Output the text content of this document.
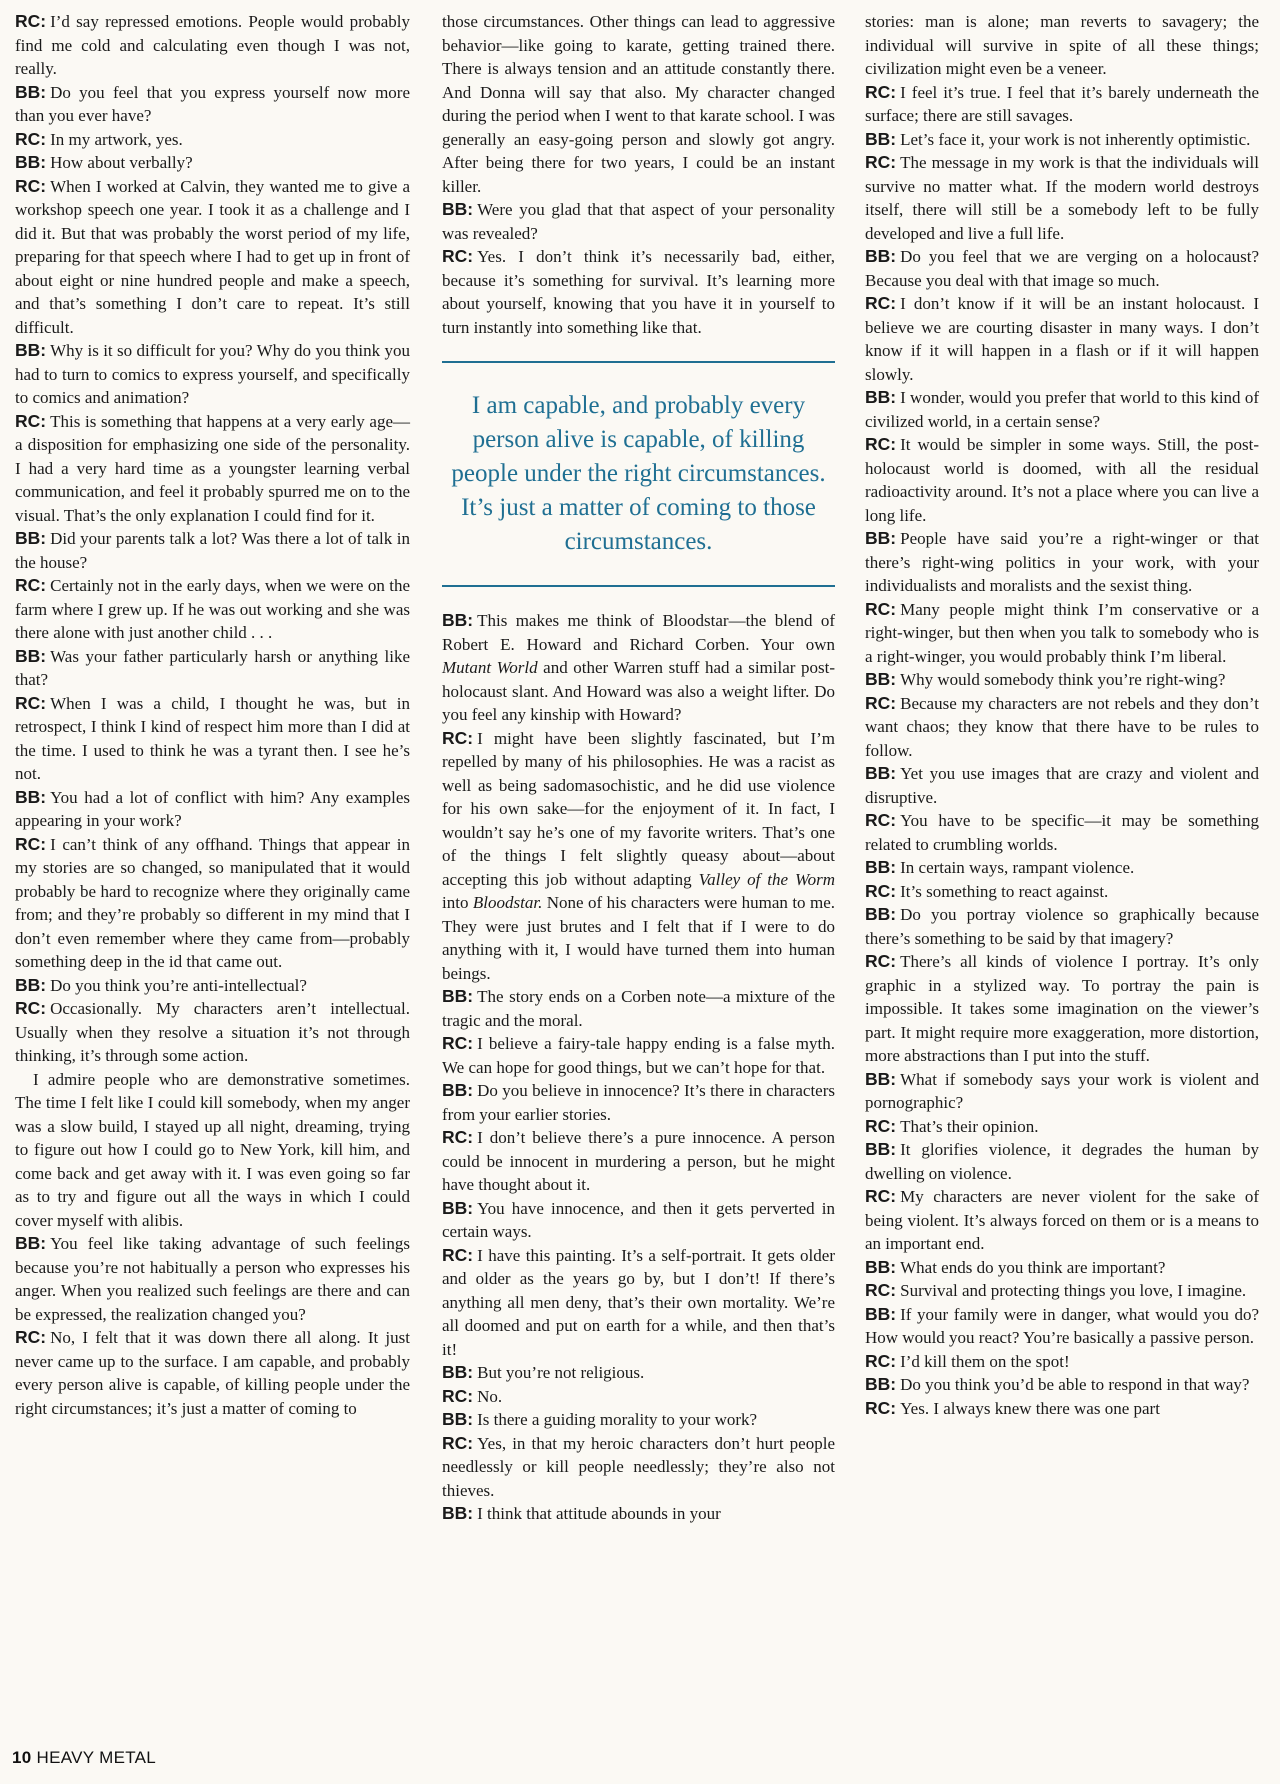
RC: I’d say repressed emotions. People would probably find me cold and calculating even though I was not, really.

BB: Do you feel that you express yourself now more than you ever have?

RC: In my artwork, yes.

BB: How about verbally?

RC: When I worked at Calvin, they wanted me to give a workshop speech one year. I took it as a challenge and I did it. But that was probably the worst period of my life, preparing for that speech where I had to get up in front of about eight or nine hundred people and make a speech, and that’s something I don’t care to repeat. It’s still difficult.

BB: Why is it so difficult for you? Why do you think you had to turn to comics to express yourself, and specifically to comics and animation?

RC: This is something that happens at a very early age—a disposition for emphasizing one side of the personality. I had a very hard time as a youngster learning verbal communication, and feel it probably spurred me on to the visual. That’s the only explanation I could find for it.

BB: Did your parents talk a lot? Was there a lot of talk in the house?

RC: Certainly not in the early days, when we were on the farm where I grew up. If he was out working and she was there alone with just another child . . .

BB: Was your father particularly harsh or anything like that?

RC: When I was a child, I thought he was, but in retrospect, I think I kind of respect him more than I did at the time. I used to think he was a tyrant then. I see he’s not.

BB: You had a lot of conflict with him? Any examples appearing in your work?

RC: I can’t think of any offhand. Things that appear in my stories are so changed, so manipulated that it would probably be hard to recognize where they originally came from; and they’re probably so different in my mind that I don’t even remember where they came from—probably something deep in the id that came out.

BB: Do you think you’re anti-intellectual?

RC: Occasionally. My characters aren’t intellectual. Usually when they resolve a situation it’s not through thinking, it’s through some action.

I admire people who are demonstrative sometimes. The time I felt like I could kill somebody, when my anger was a slow build, I stayed up all night, dreaming, trying to figure out how I could go to New York, kill him, and come back and get away with it. I was even going so far as to try and figure out all the ways in which I could cover myself with alibis.

BB: You feel like taking advantage of such feelings because you’re not habitually a person who expresses his anger. When you realized such feelings are there and can be expressed, the realization changed you?

RC: No, I felt that it was down there all along. It just never came up to the surface. I am capable, and probably every person alive is capable, of killing people under the right circumstances; it’s just a matter of coming to

those circumstances. Other things can lead to aggressive behavior—like going to karate, getting trained there. There is always tension and an attitude constantly there. And Donna will say that also. My character changed during the period when I went to that karate school. I was generally an easy-going person and slowly got angry. After being there for two years, I could be an instant killer.

BB: Were you glad that that aspect of your personality was revealed?

RC: Yes. I don’t think it’s necessarily bad, either, because it’s something for survival. It’s learning more about yourself, knowing that you have it in yourself to turn instantly into something like that.

I am capable, and probably every person alive is capable, of killing people under the right circumstances. It’s just a matter of coming to those circumstances.

BB: This makes me think of Bloodstar—the blend of Robert E. Howard and Richard Corben. Your own Mutant World and other Warren stuff had a similar post-holocaust slant. And Howard was also a weight lifter. Do you feel any kinship with Howard?

RC: I might have been slightly fascinated, but I’m repelled by many of his philosophies. He was a racist as well as being sadomasochistic, and he did use violence for his own sake—for the enjoyment of it. In fact, I wouldn’t say he’s one of my favorite writers. That’s one of the things I felt slightly queasy about—about accepting this job without adapting Valley of the Worm into Bloodstar. None of his characters were human to me. They were just brutes and I felt that if I were to do anything with it, I would have turned them into human beings.

BB: The story ends on a Corben note—a mixture of the tragic and the moral.

RC: I believe a fairy-tale happy ending is a false myth. We can hope for good things, but we can’t hope for that.

BB: Do you believe in innocence? It’s there in characters from your earlier stories.

RC: I don’t believe there’s a pure innocence. A person could be innocent in murdering a person, but he might have thought about it.

BB: You have innocence, and then it gets perverted in certain ways.

RC: I have this painting. It’s a self-portrait. It gets older and older as the years go by, but I don’t! If there’s anything all men deny, that’s their own mortality. We’re all doomed and put on earth for a while, and then that’s it!

BB: But you’re not religious.

RC: No.

BB: Is there a guiding morality to your work?

RC: Yes, in that my heroic characters don’t hurt people needlessly or kill people needlessly; they’re also not thieves.

BB: I think that attitude abounds in your

stories: man is alone; man reverts to savagery; the individual will survive in spite of all these things; civilization might even be a veneer.

RC: I feel it’s true. I feel that it’s barely underneath the surface; there are still savages.

BB: Let’s face it, your work is not inherently optimistic.

RC: The message in my work is that the individuals will survive no matter what. If the modern world destroys itself, there will still be a somebody left to be fully developed and live a full life.

BB: Do you feel that we are verging on a holocaust? Because you deal with that image so much.

RC: I don’t know if it will be an instant holocaust. I believe we are courting disaster in many ways. I don’t know if it will happen in a flash or if it will happen slowly.

BB: I wonder, would you prefer that world to this kind of civilized world, in a certain sense?

RC: It would be simpler in some ways. Still, the post-holocaust world is doomed, with all the residual radioactivity around. It’s not a place where you can live a long life.

BB: People have said you’re a right-winger or that there’s right-wing politics in your work, with your individualists and moralists and the sexist thing.

RC: Many people might think I’m conservative or a right-winger, but then when you talk to somebody who is a right-winger, you would probably think I’m liberal.

BB: Why would somebody think you’re right-wing?

RC: Because my characters are not rebels and they don’t want chaos; they know that there have to be rules to follow.

BB: Yet you use images that are crazy and violent and disruptive.

RC: You have to be specific—it may be something related to crumbling worlds.

BB: In certain ways, rampant violence.

RC: It’s something to react against.

BB: Do you portray violence so graphically because there’s something to be said by that imagery?

RC: There’s all kinds of violence I portray. It’s only graphic in a stylized way. To portray the pain is impossible. It takes some imagination on the viewer’s part. It might require more exaggeration, more distortion, more abstractions than I put into the stuff.

BB: What if somebody says your work is violent and pornographic?

RC: That’s their opinion.

BB: It glorifies violence, it degrades the human by dwelling on violence.

RC: My characters are never violent for the sake of being violent. It’s always forced on them or is a means to an important end.

BB: What ends do you think are important?

RC: Survival and protecting things you love, I imagine.

BB: If your family were in danger, what would you do? How would you react? You’re basically a passive person.

RC: I’d kill them on the spot!

BB: Do you think you’d be able to respond in that way?

RC: Yes. I always knew there was one part

10 HEAVY METAL
